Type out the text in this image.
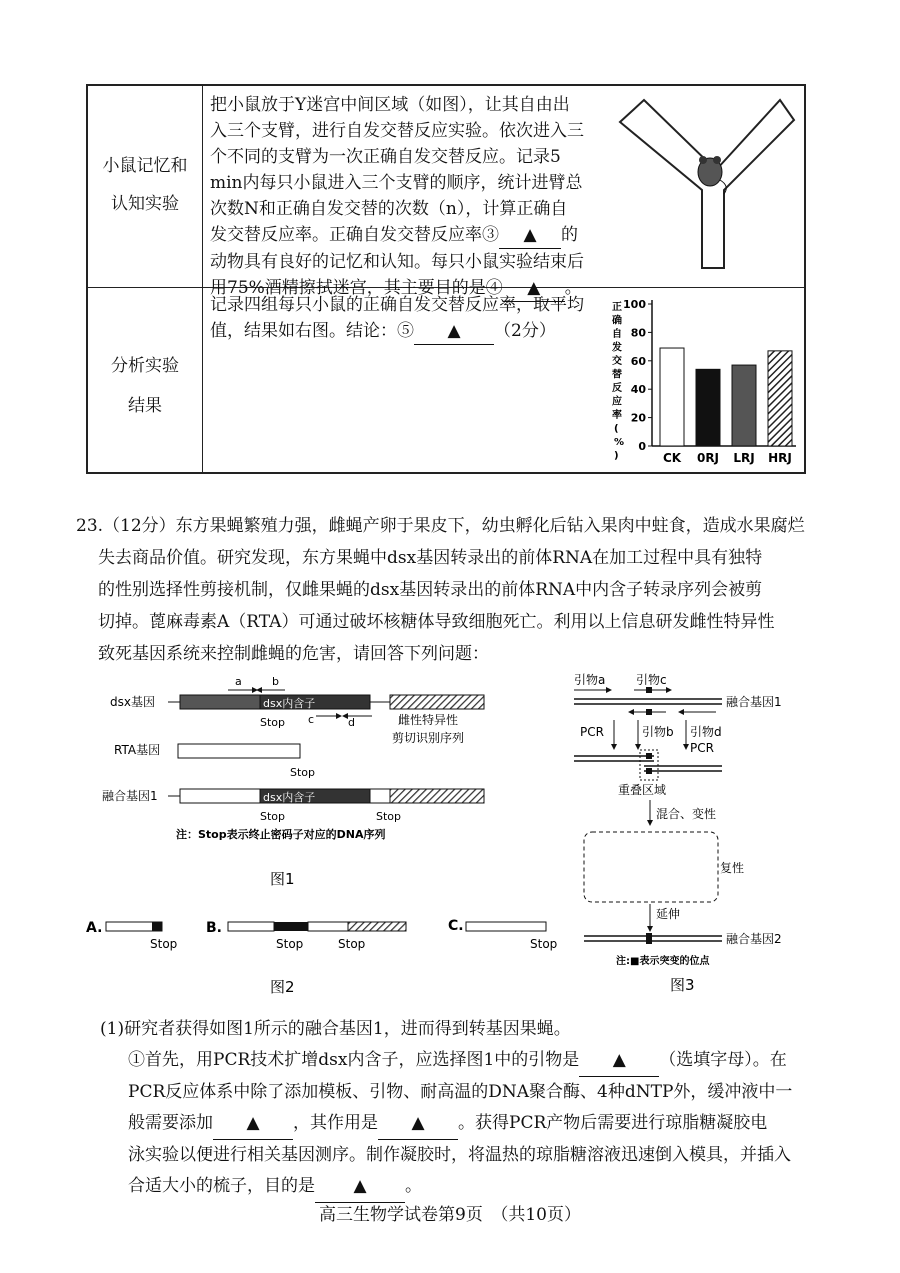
小鼠记忆和
认知实验
把小鼠放于Y迷宫中间区域（如图），让其自由出
入三个支臂，进行自发交替反应实验。依次进入三
个不同的支臂为一次正确自发交替反应。记录5
min内每只小鼠进入三个支臂的顺序，统计进臂总
次数N和正确自发交替的次数（n），计算正确自
发交替反应率。正确自发交替反应率③ ▲ 的
动物具有良好的记忆和认知。每只小鼠实验结束后
用75%酒精擦拭迷宫，其主要目的是④ ▲ 。
分析实验
结果
记录四组每只小鼠的正确自发交替反应率，取平均
值，结果如右图。结论：⑤ ▲ （2分）
正确自发交替反应率( % )
0
20
40
60
80
100
CK 0RJ LRJ HRJ
23.（12分）东方果蝇繁殖力强，雌蝇产卵于果皮下，幼虫孵化后钻入果肉中蛀食，造成水果腐烂
失去商品价值。研究发现，东方果蝇中dsx基因转录出的前体RNA在加工过程中具有独特
的性别选择性剪接机制，仅雌果蝇的dsx基因转录出的前体RNA中内含子转录序列会被剪
切掉。蓖麻毒素A（RTA）可通过破坏核糖体导致细胞死亡。利用以上信息研发雌性特异性
致死基因系统来控制雌蝇的危害，请回答下列问题：
dsx基因	dsx内含子
a	b
Stop c	d	雌性特异性
剪切识别序列
RTA基因
Stop
融合基因1	dsx内含子
Stop	Stop
注：Stop表示终止密码子对应的DNA序列
图1
A.
Stop
B.
Stop	Stop
C.
Stop
图2
引物a	引物c
融合基因1
PCR	引物b 引物d
PCR
重叠区域
混合、变性
复性
延伸
融合基因2
注:■表示突变的位点
图3
(1)研究者获得如图1所示的融合基因1，进而得到转基因果蝇。
①首先，用PCR技术扩增dsx内含子，应选择图1中的引物是 ▲ （选填字母）。在
PCR反应体系中除了添加模板、引物、耐高温的DNA聚合酶、4种dNTP外，缓冲液中一
般需要添加 ▲ ，其作用是 ▲ 。获得PCR产物后需要进行琼脂糖凝胶电
泳实验以便进行相关基因测序。制作凝胶时，将温热的琼脂糖溶液迅速倒入模具，并插入
合适大小的梳子，目的是 ▲ 。
高三生物学试卷第9页　（共10页）
